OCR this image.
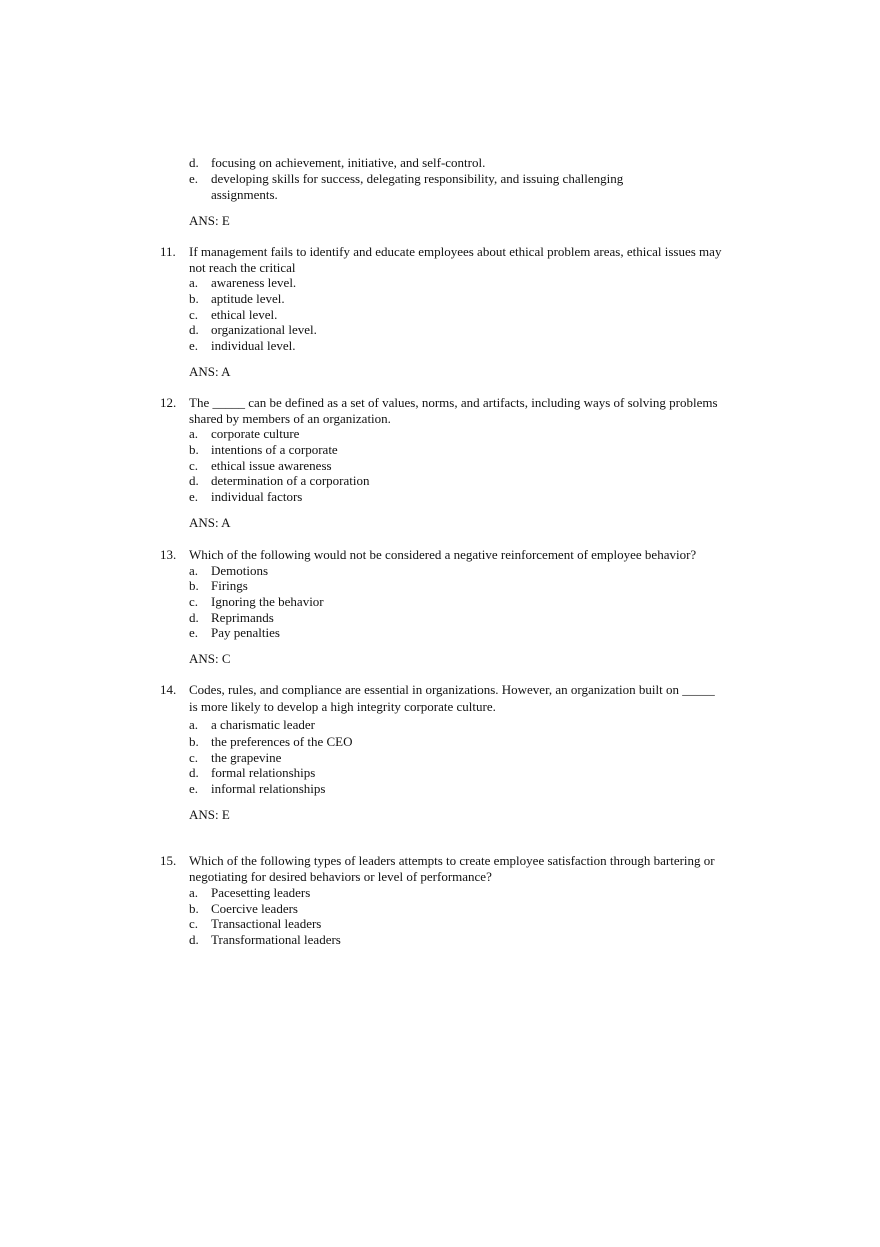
d. focusing on achievement, initiative, and self-control.
e. developing skills for success, delegating responsibility, and issuing challenging
assignments.
ANS: E
11. If management fails to identify and educate employees about ethical problem areas, ethical issues may
not reach the critical
a. awareness level.
b. aptitude level.
c. ethical level.
d. organizational level.
e. individual level.
ANS: A
12. The _____ can be defined as a set of values, norms, and artifacts, including ways of solving problems
shared by members of an organization.
a. corporate culture
b. intentions of a corporate
c. ethical issue awareness
d. determination of a corporation
e. individual factors
ANS: A
13. Which of the following would not be considered a negative reinforcement of employee behavior?
a. Demotions
b. Firings
c. Ignoring the behavior
d. Reprimands
e. Pay penalties
ANS: C
14. Codes, rules, and compliance are essential in organizations. However, an organization built on _____
is more likely to develop a high integrity corporate culture.
a. a charismatic leader
b. the preferences of the CEO
c. the grapevine
d. formal relationships
e. informal relationships
ANS: E
15. Which of the following types of leaders attempts to create employee satisfaction through bartering or
negotiating for desired behaviors or level of performance?
a. Pacesetting leaders
b. Coercive leaders
c. Transactional leaders
d. Transformational leaders
